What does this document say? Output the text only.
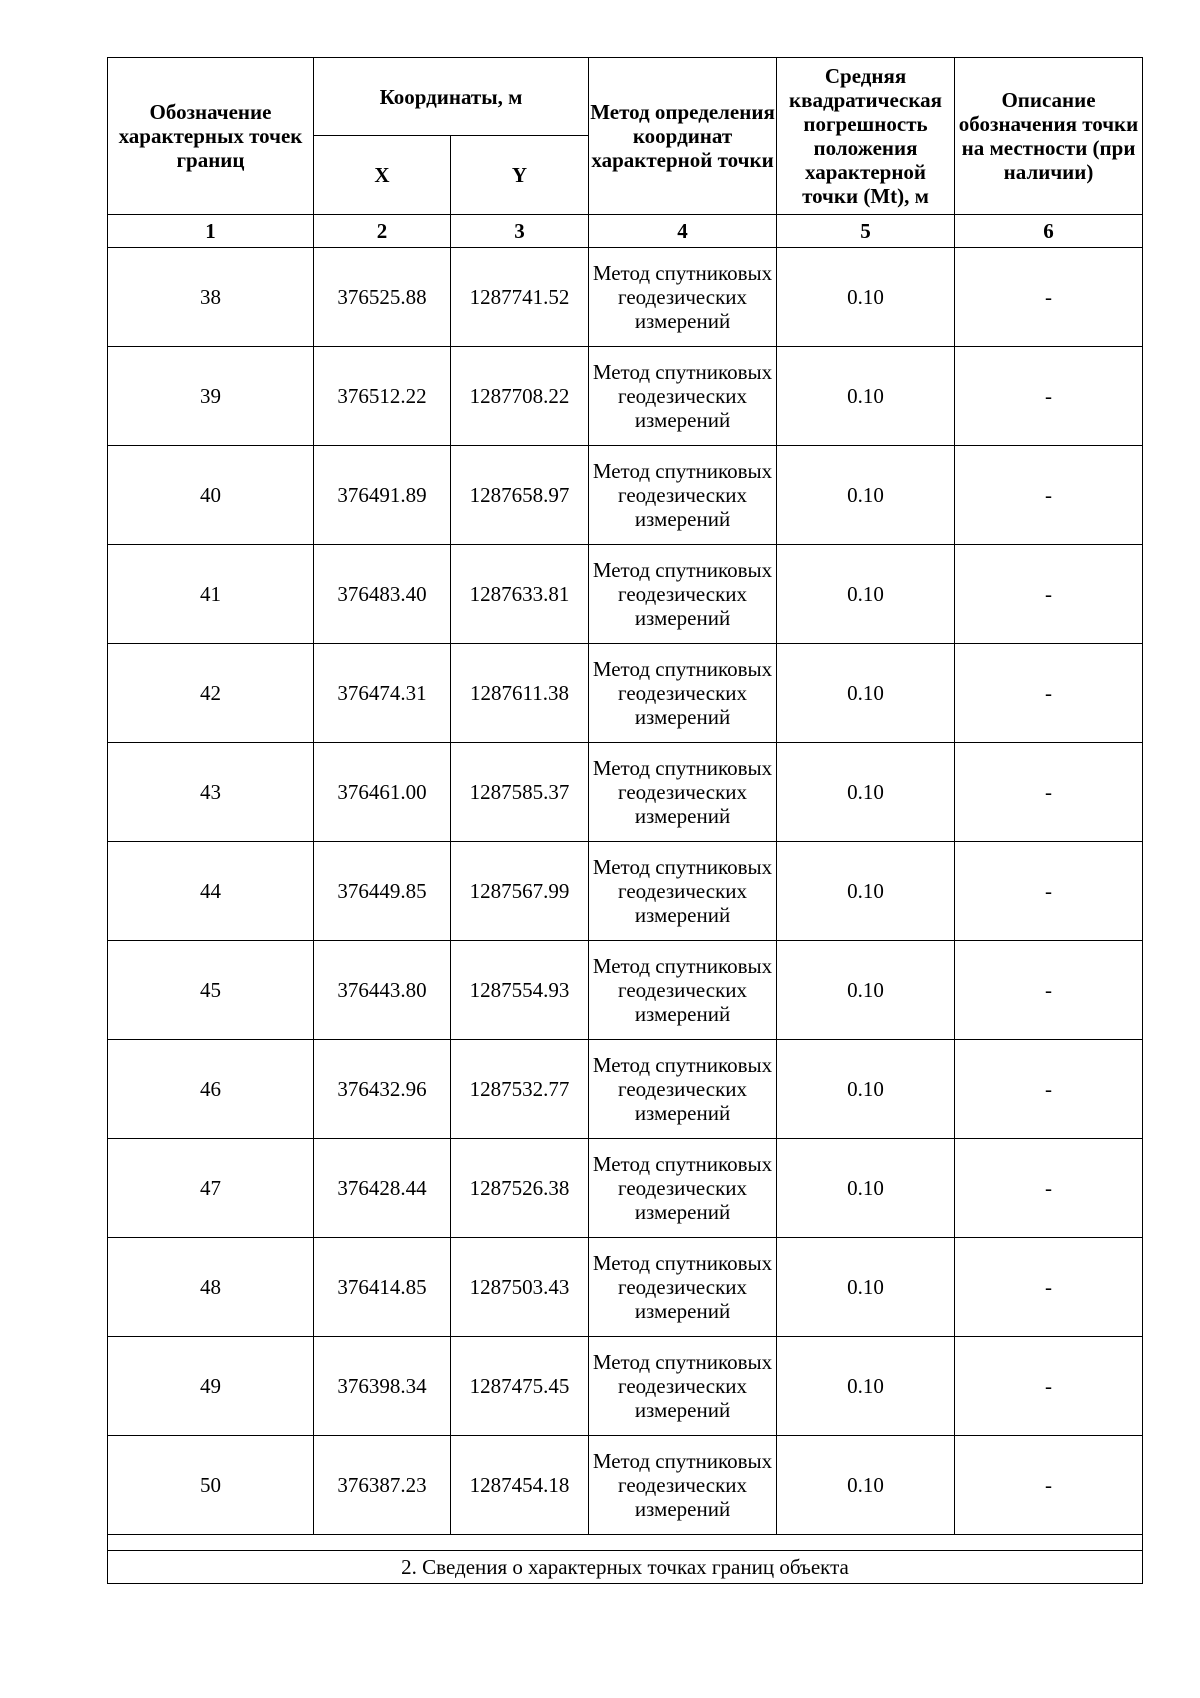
Обозначение характерных точек границ	Координаты, м		Метод определения координат характерной точки	Средняя квадратическая погрешность положения характерной точки (Mt), м	Описание обозначения точки на местности (при наличии)
	X	Y			
1	2	3	4	5	6
38	376525.88	1287741.52	Метод спутниковых геодезических измерений	0.10	-
39	376512.22	1287708.22	Метод спутниковых геодезических измерений	0.10	-
40	376491.89	1287658.97	Метод спутниковых геодезических измерений	0.10	-
41	376483.40	1287633.81	Метод спутниковых геодезических измерений	0.10	-
42	376474.31	1287611.38	Метод спутниковых геодезических измерений	0.10	-
43	376461.00	1287585.37	Метод спутниковых геодезических измерений	0.10	-
44	376449.85	1287567.99	Метод спутниковых геодезических измерений	0.10	-
45	376443.80	1287554.93	Метод спутниковых геодезических измерений	0.10	-
46	376432.96	1287532.77	Метод спутниковых геодезических измерений	0.10	-
47	376428.44	1287526.38	Метод спутниковых геодезических измерений	0.10	-
48	376414.85	1287503.43	Метод спутниковых геодезических измерений	0.10	-
49	376398.34	1287475.45	Метод спутниковых геодезических измерений	0.10	-
50	376387.23	1287454.18	Метод спутниковых геодезических измерений	0.10	-

2. Сведения о характерных точках границ объекта					
